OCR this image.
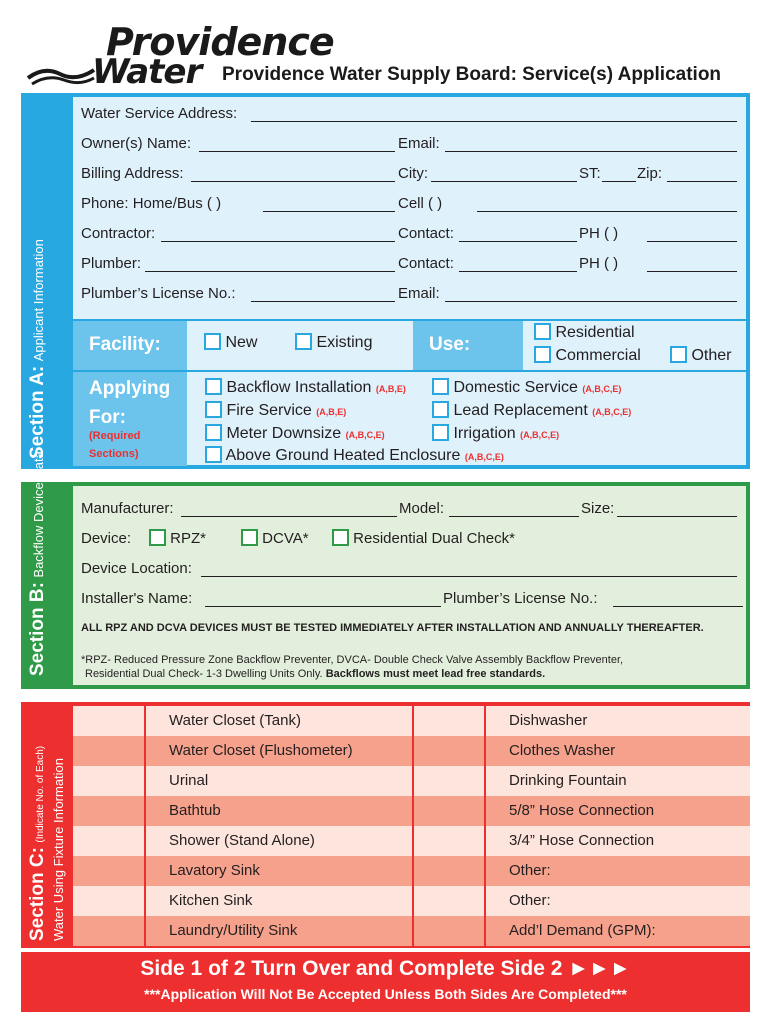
Providence
Water Providence Water Supply Board: Service(s) Application
Section A: Applicant Information
Water Service Address:
Owner(s) Name:	Email:
Billing Address:	City:	ST: Zip:
Phone: Home/Bus ( )	Cell ( )
Contractor:	Contact:	PH ( )
Plumber:	Contact:	PH ( )
Plumber’s License No.:	Email:
Facility:	New	Existing	Use:
Residential
Commercial	Other
Applying
For:
(Required
Sections)
Backflow Installation (A,B,E)	Domestic Service (A,B,C,E)
Fire Service (A,B,E)	Lead Replacement (A,B,C,E)
Meter Downsize (A,B,C,E)	Irrigation (A,B,C,E)
Above Ground Heated Enclosure (A,B,C,E)
Section B: Backflow Device Data Manufacturer:	Model:	Size:
Device:	RPZ*	DCVA*	Residential Dual Check*
Device Location:
Installer's Name:	Plumber’s License No.:
ALL RPZ AND DCVA DEVICES MUST BE TESTED IMMEDIATELY AFTER INSTALLATION AND ANNUALLY THEREAFTER.
*RPZ- Reduced Pressure Zone Backflow Preventer, DVCA- Double Check Valve Assembly Backflow Preventer,
Residential Dual Check- 1-3 Dwelling Units Only. Backflows must meet lead free standards.
Section C: (Indicate No. of Each) Water Using Fixture Information
Water Closet (Tank)	Dishwasher
Water Closet (Flushometer)	Clothes Washer
Urinal	Drinking Fountain
Bathtub	5/8” Hose Connection
Shower (Stand Alone)	3/4” Hose Connection
Lavatory Sink	Other:
Kitchen Sink	Other:
Laundry/Utility Sink	Add’l Demand (GPM):
Side 1 of 2 Turn Over and Complete Side 2 ►►►
***Application Will Not Be Accepted Unless Both Sides Are Completed***
